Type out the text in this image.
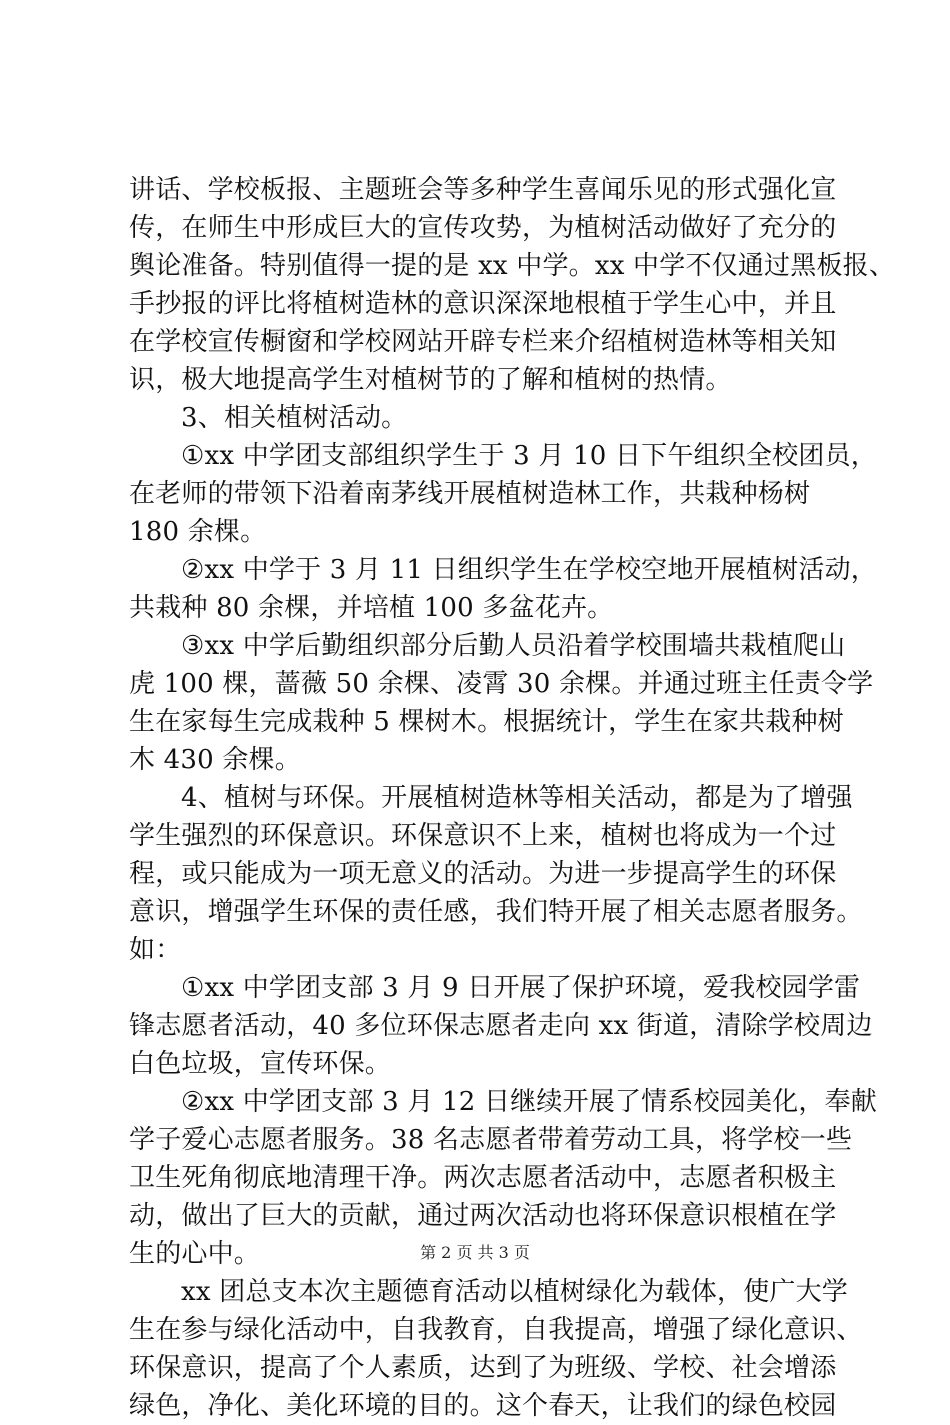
讲话、学校板报、主题班会等多种学生喜闻乐见的形式强化宣
传，在师生中形成巨大的宣传攻势，为植树活动做好了充分的
舆论准备。特别值得一提的是 xx 中学。xx 中学不仅通过黑板报、
手抄报的评比将植树造林的意识深深地根植于学生心中，并且
在学校宣传橱窗和学校网站开辟专栏来介绍植树造林等相关知
识，极大地提高学生对植树节的了解和植树的热情。
3、相关植树活动。
①xx 中学团支部组织学生于 3 月 10 日下午组织全校团员，
在老师的带领下沿着南茅线开展植树造林工作，共栽种杨树
180 余棵。
②xx 中学于 3 月 11 日组织学生在学校空地开展植树活动，
共栽种 80 余棵，并培植 100 多盆花卉。
③xx 中学后勤组织部分后勤人员沿着学校围墙共栽植爬山
虎 100 棵，蔷薇 50 余棵、凌霄 30 余棵。并通过班主任责令学
生在家每生完成栽种 5 棵树木。根据统计，学生在家共栽种树
木 430 余棵。
4、植树与环保。开展植树造林等相关活动，都是为了增强
学生强烈的环保意识。环保意识不上来，植树也将成为一个过
程，或只能成为一项无意义的活动。为进一步提高学生的环保
意识，增强学生环保的责任感，我们特开展了相关志愿者服务。
如：
①xx 中学团支部 3 月 9 日开展了保护环境，爱我校园学雷
锋志愿者活动，40 多位环保志愿者走向 xx 街道，清除学校周边
白色垃圾，宣传环保。
②xx 中学团支部 3 月 12 日继续开展了情系校园美化，奉献
学子爱心志愿者服务。38 名志愿者带着劳动工具，将学校一些
卫生死角彻底地清理干净。两次志愿者活动中，志愿者积极主
动，做出了巨大的贡献，通过两次活动也将环保意识根植在学
生的心中。
xx 团总支本次主题德育活动以植树绿化为载体，使广大学
生在参与绿化活动中，自我教育，自我提高，增强了绿化意识、
环保意识，提高了个人素质，达到了为班级、学校、社会增添
绿色，净化、美化环境的目的。这个春天，让我们的绿色校园
第 2 页 共 3 页
